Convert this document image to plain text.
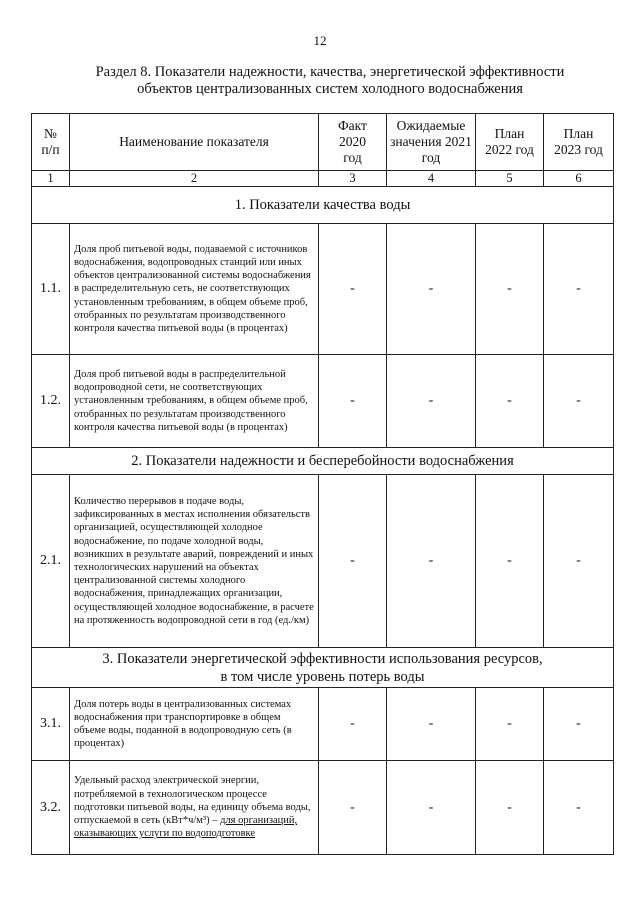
12
Раздел 8. Показатели надежности, качества, энергетической эффективности
объектов централизованных систем холодного водоснабжения
№ п/п	Наименование показателя	Факт 2020 год	Ожидаемые значения 2021 год	План 2022 год	План 2023 год
1	2	3	4	5	6
1. Показатели качества воды					
1.1.	Доля проб питьевой воды, подаваемой с источников водоснабжения, водопроводных станций или иных объектов централизованной системы водоснабжения в распределительную сеть, не соответствующих установленным требованиям, в общем объеме проб, отобранных по результатам производственного контроля качества питьевой воды (в процентах)	-	-	-	-
1.2.	Доля проб питьевой воды в распределительной водопроводной сети, не соответствующих установленным требованиям, в общем объеме проб, отобранных по результатам производственного контроля качества питьевой воды (в процентах)	-	-	-	-
2. Показатели надежности и бесперебойности водоснабжения					
2.1.	Количество перерывов в подаче воды, зафиксированных в местах исполнения обязательств организацией, осуществляющей холодное водоснабжение, по подаче холодной воды, возникших в результате аварий, повреждений и иных технологических нарушений на объектах централизованной системы холодного водоснабжения, принадлежащих организации, осуществляющей холодное водоснабжение, в расчете на протяженность водопроводной сети в год (ед./км)	-	-	-	-

3. Показатели энергетической эффективности использования ресурсов,
в том числе уровень потерь воды					

3.1.	Доля потерь воды в централизованных системах водоснабжения при транспортировке в общем объеме воды, поданной в водопроводную сеть (в процентах)	-	-	-	-
3.2.	Удельный расход электрической энергии, потребляемой в технологическом процессе подготовки питьевой воды, на единицу объема воды, отпускаемой в сеть (кВт*ч/м³) – для организаций, оказывающих услуги по водоподготовке	-	-	-	-
